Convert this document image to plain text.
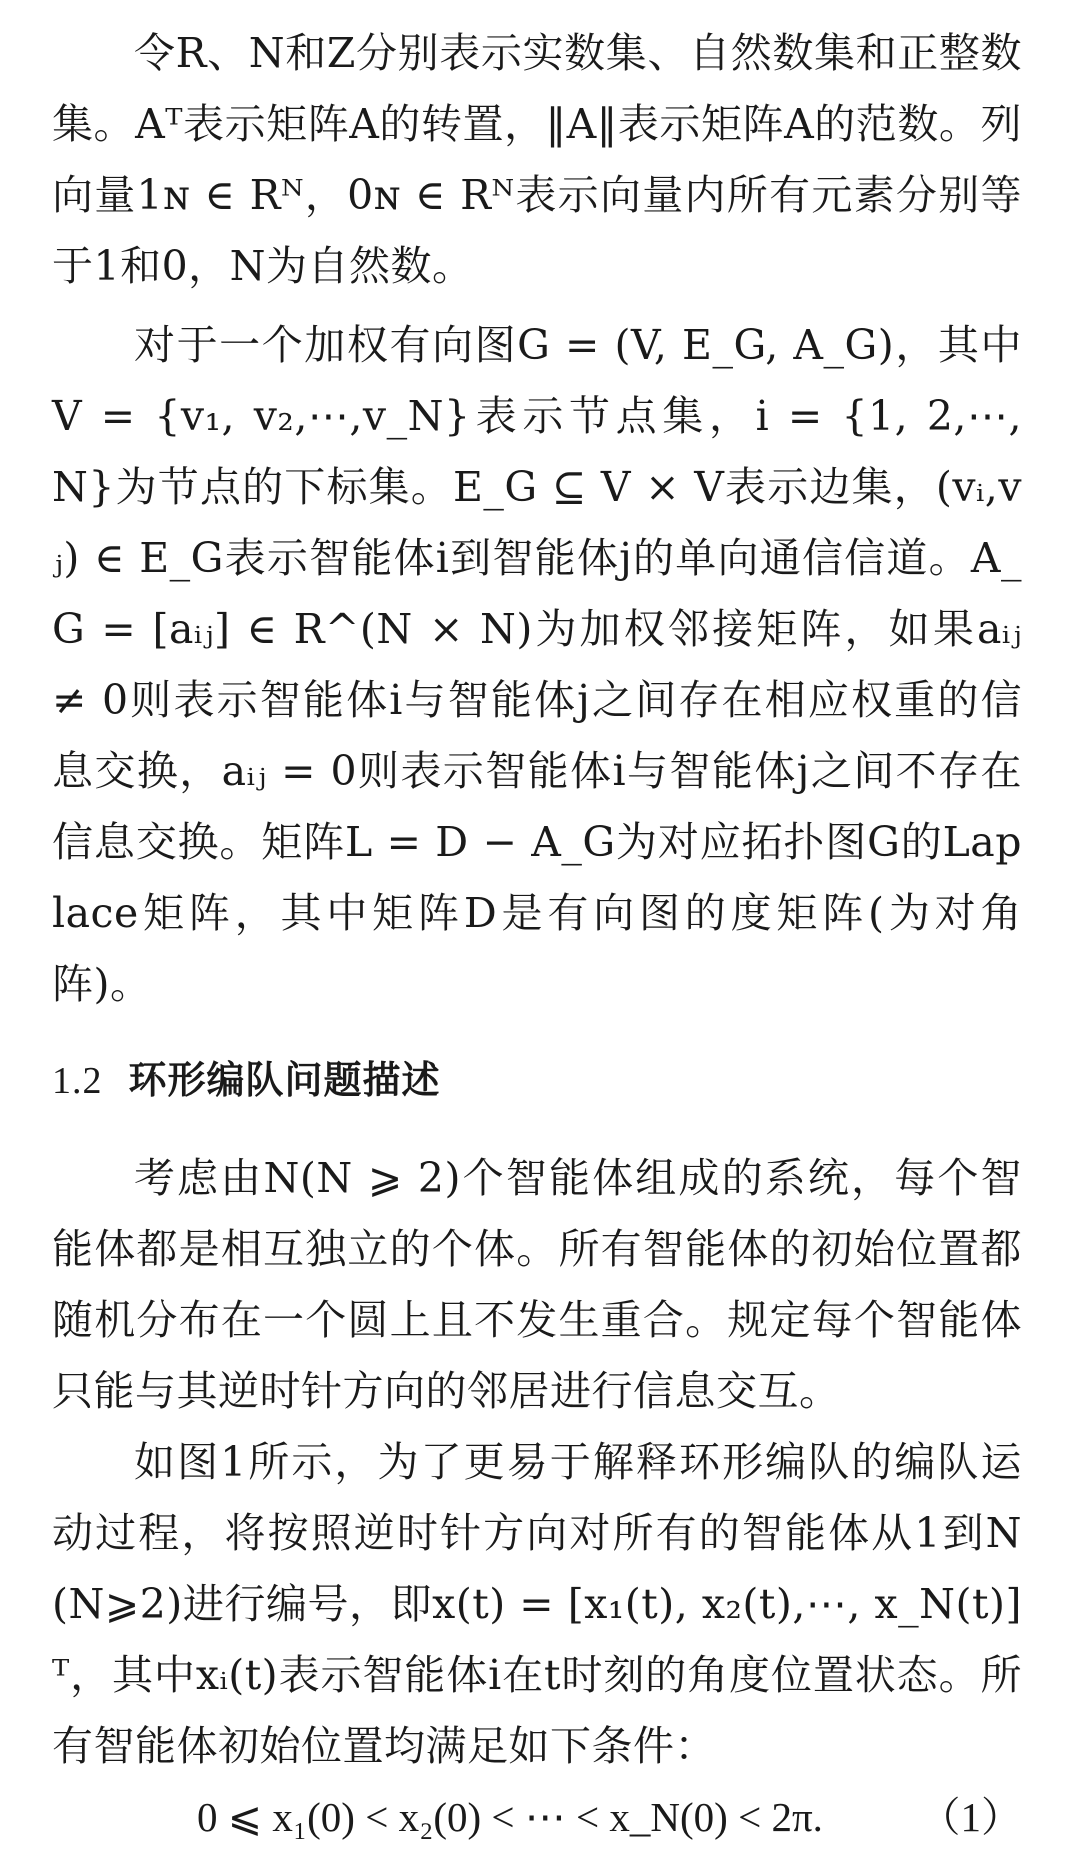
令R、N和Z分别表示实数集、自然数集和正整数集。Aᵀ表示矩阵A的转置，‖A‖表示矩阵A的范数。列向量1ɴ ∈ Rᴺ，0ɴ ∈ Rᴺ表示向量内所有元素分别等于1和0，N为自然数。

对于一个加权有向图G = (V, E_G, A_G)，其中V = {v₁, v₂,⋯,v_N}表示节点集，i = {1, 2,⋯, N}为节点的下标集。E_G ⊆ V × V表示边集，(vᵢ,vⱼ) ∈ E_G表示智能体i到智能体j的单向通信信道。A_G = [aᵢⱼ] ∈ R^(N × N)为加权邻接矩阵，如果aᵢⱼ ≠ 0则表示智能体i与智能体j之间存在相应权重的信息交换，aᵢⱼ = 0则表示智能体i与智能体j之间不存在信息交换。矩阵L = D − A_G为对应拓扑图G的Laplace矩阵，其中矩阵D是有向图的度矩阵(为对角阵)。

1.2 环形编队问题描述

考虑由N(N ⩾ 2)个智能体组成的系统，每个智能体都是相互独立的个体。所有智能体的初始位置都随机分布在一个圆上且不发生重合。规定每个智能体只能与其逆时针方向的邻居进行信息交互。

如图1所示，为了更易于解释环形编队的编队运动过程，将按照逆时针方向对所有的智能体从1到N(N⩾2)进行编号，即x(t) = [x₁(t), x₂(t),⋯, x_N(t)]ᵀ，其中xᵢ(t)表示智能体i在t时刻的角度位置状态。所有智能体初始位置均满足如下条件：

0 ⩽ x₁(0) < x₂(0) < ⋯ < x_N(0) < 2π. （1）
